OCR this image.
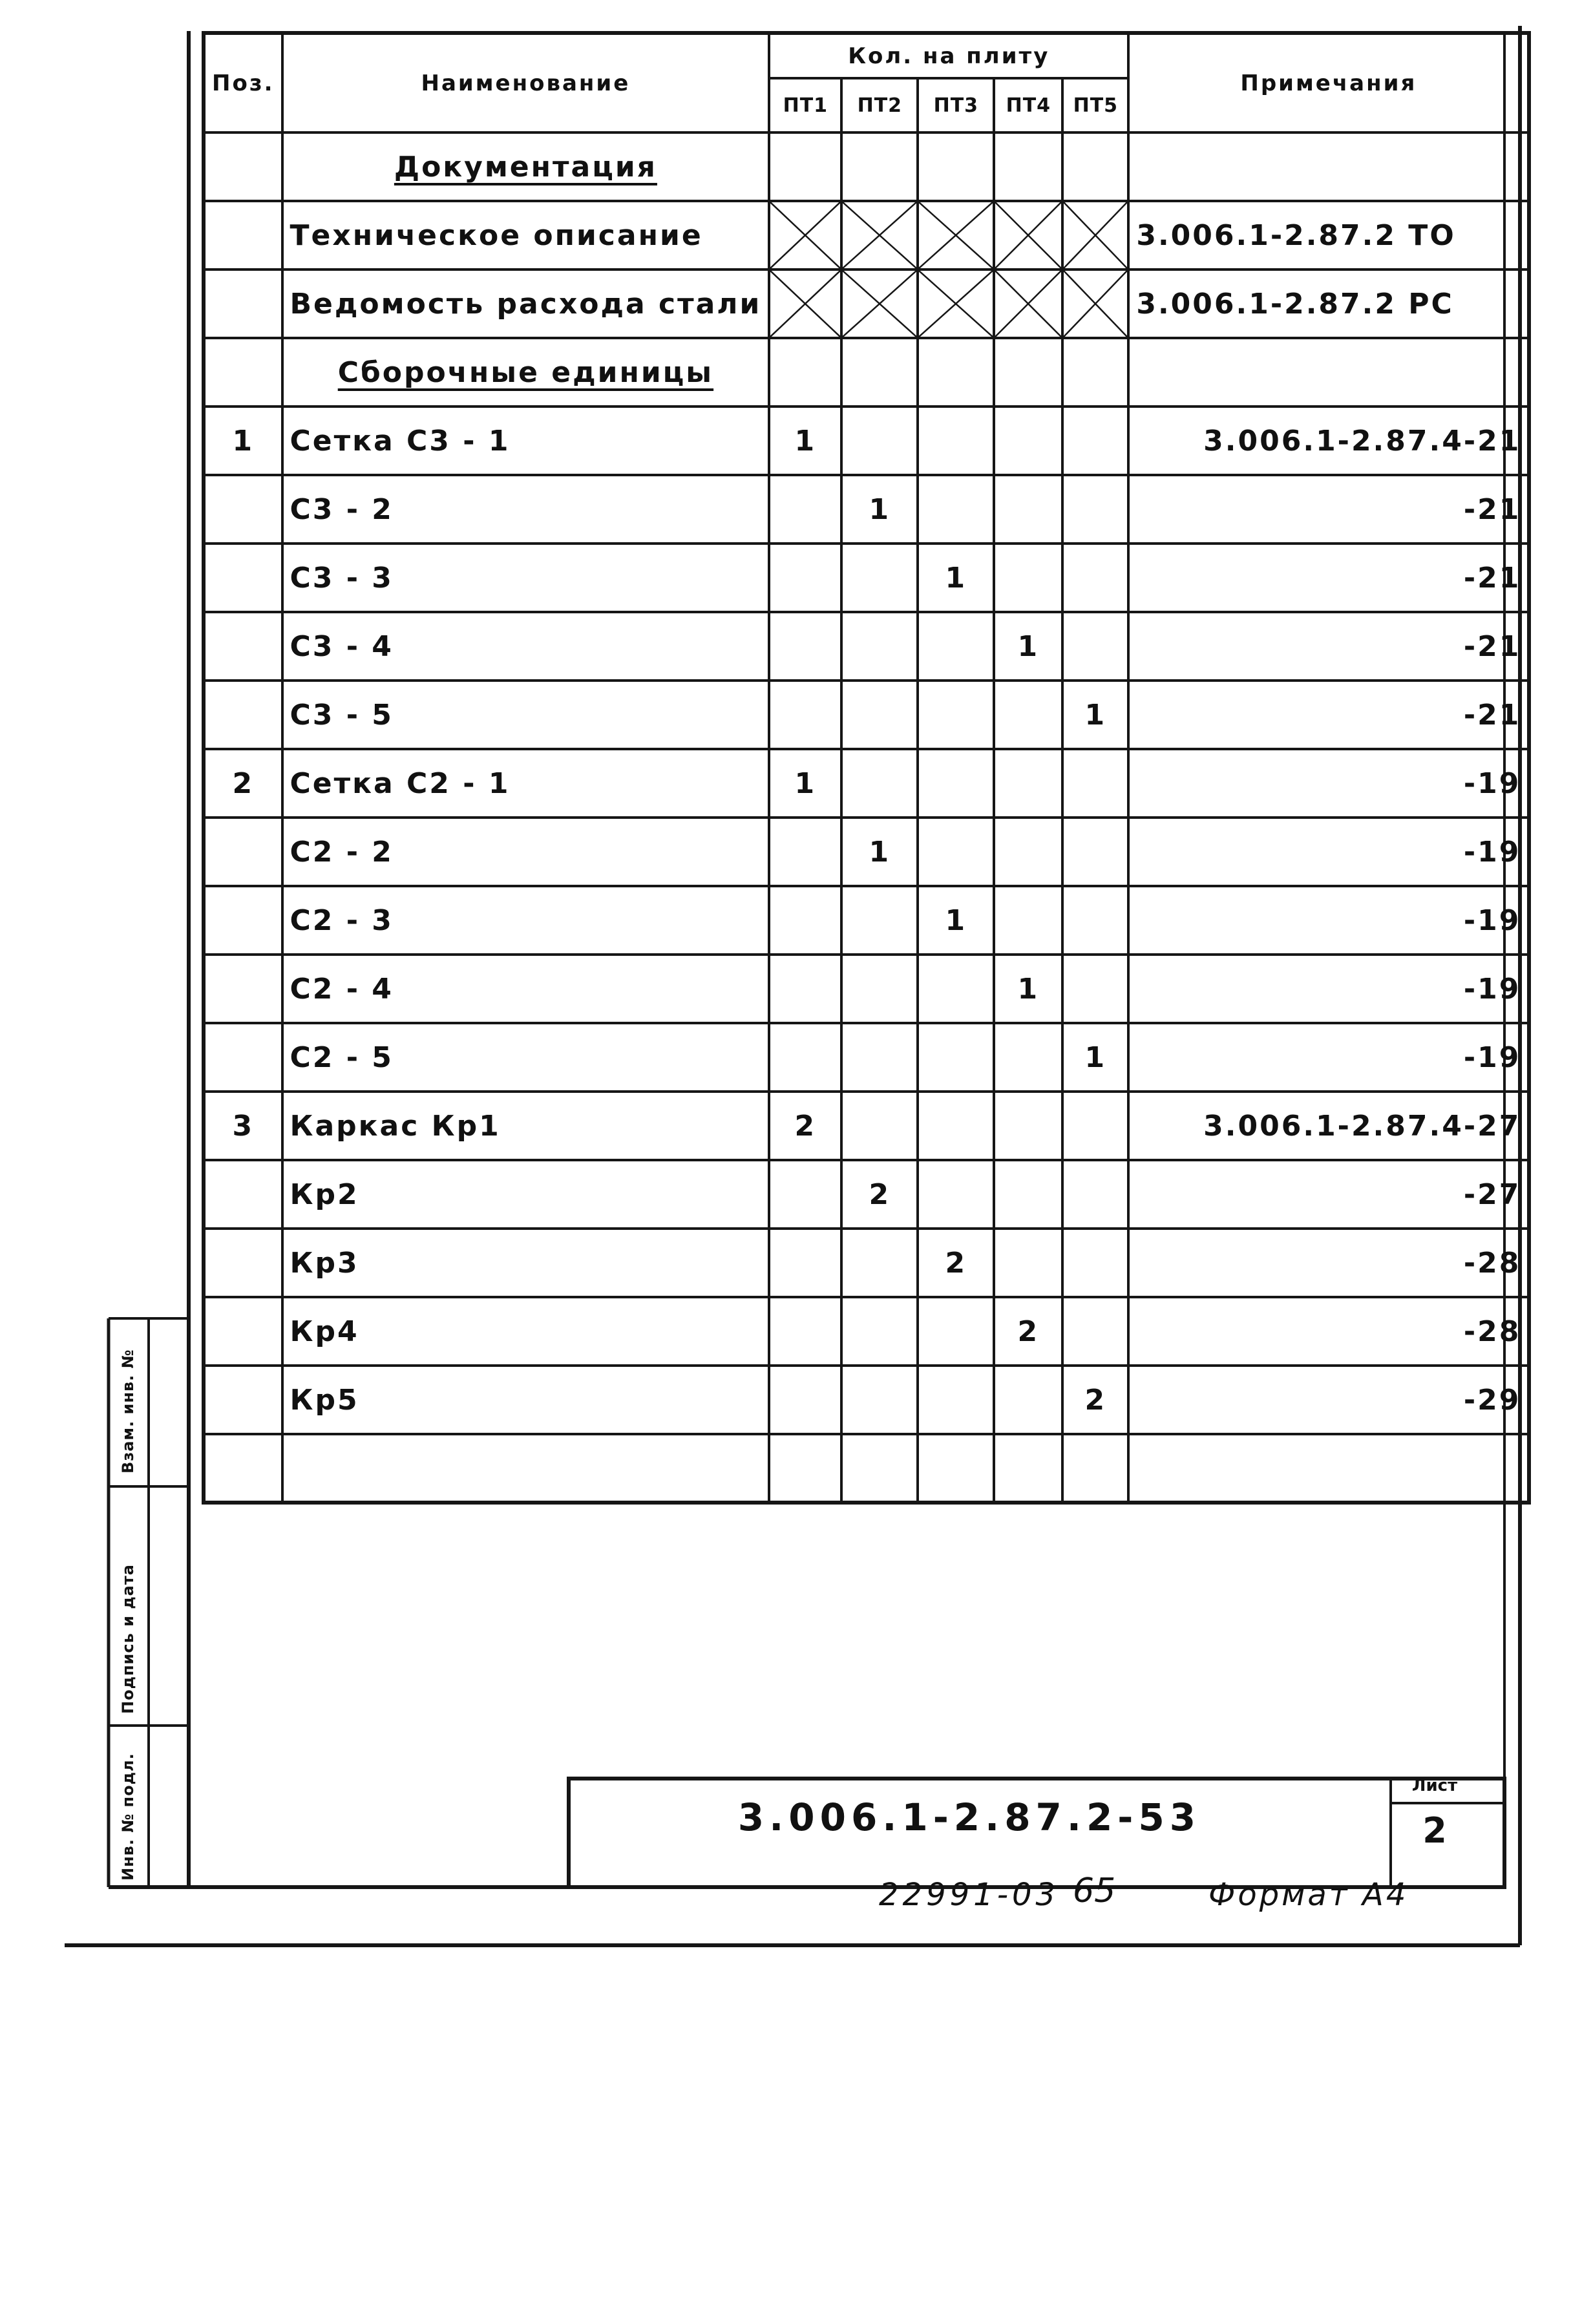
Поз.	Наименование	Кол. на плиту					Примечания
		ПТ1	ПТ2	ПТ3	ПТ4	ПТ5	
	Документация						
	Техническое описание						3.006.1-2.87.2 ТО
	Ведомость расхода стали						3.006.1-2.87.2 РС
	Сборочные единицы						
1	Сетка С3 - 1	1					3.006.1-2.87.4-21
	С3 - 2		1				-21
	С3 - 3			1			-21
	С3 - 4				1		-21
	С3 - 5					1	-21
2	Сетка С2 - 1	1					-19
	С2 - 2		1				-19
	С2 - 3			1			-19
	С2 - 4				1		-19
	С2 - 5					1	-19
3	Каркас Кр1	2					3.006.1-2.87.4-27
	Кр2		2				-27
	Кр3			2			-28
	Кр4				2		-28
	Кр5					2	-29

Взам. инв. №
Подпись и дата
Инв. № подл.	3.006.1-2.87.2-53
Лист
2
22991-03 65	Формат А4
